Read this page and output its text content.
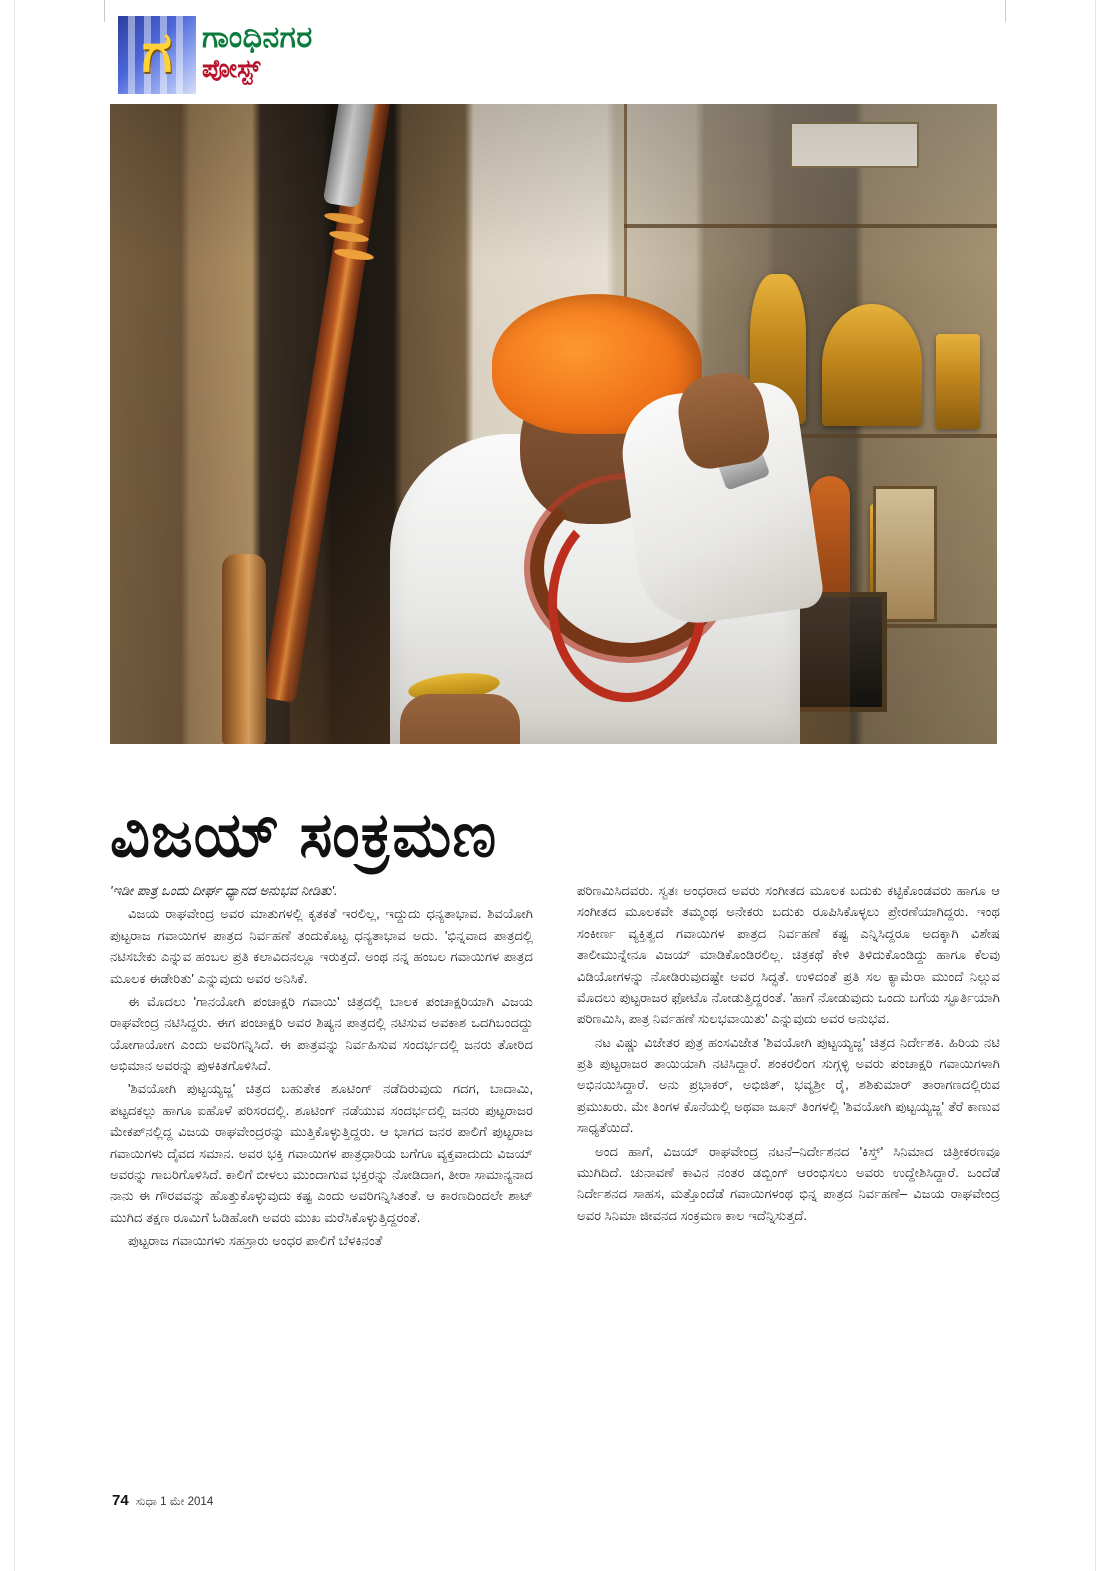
ಗ ಗಾಂಧಿನಗರ
ಪೋಸ್ಟ್
ವಿಜಯ್ ಸಂಕ್ರಮಣ

'ಇಡೀ ಪಾತ್ರ ಒಂದು ದೀರ್ಘ ಧ್ಯಾನದ ಅನುಭವ ನೀಡಿತು'.

ವಿಜಯ ರಾಘವೇಂದ್ರ ಅವರ ಮಾತುಗಳಲ್ಲಿ ಕೃತಕತೆ ಇರಲಿಲ್ಲ, ಇದ್ದುದು ಧನ್ಯತಾಭಾವ. ಶಿವಯೋಗಿ ಪುಟ್ಟರಾಜ ಗವಾಯಿಗಳ ಪಾತ್ರದ ನಿರ್ವಹಣೆ ತಂದುಕೊಟ್ಟ ಧನ್ಯತಾಭಾವ ಅದು. 'ಭಿನ್ನವಾದ ಪಾತ್ರದಲ್ಲಿ ನಟಿಸಬೇಕು ಎನ್ನುವ ಹಂಬಲ ಪ್ರತಿ ಕಲಾವಿದನಲ್ಲೂ ಇರುತ್ತದೆ. ಅಂಥ ನನ್ನ ಹಂಬಲ ಗವಾಯಿಗಳ ಪಾತ್ರದ ಮೂಲಕ ಈಡೇರಿತು' ಎನ್ನುವುದು ಅವರ ಅನಿಸಿಕೆ.

ಈ ಮೊದಲು 'ಗಾನಯೋಗಿ ಪಂಚಾಕ್ಷರಿ ಗವಾಯಿ' ಚಿತ್ರದಲ್ಲಿ ಬಾಲಕ ಪಂಚಾಕ್ಷರಿಯಾಗಿ ವಿಜಯ ರಾಘವೇಂದ್ರ ನಟಿಸಿದ್ದರು. ಈಗ ಪಂಚಾಕ್ಷರಿ ಅವರ ಶಿಷ್ಯನ ಪಾತ್ರದಲ್ಲಿ ನಟಿಸುವ ಅವಕಾಶ ಒದಗಿಬಂದದ್ದು ಯೋಗಾಯೋಗ ಎಂದು ಅವರಿಗನ್ನಿಸಿದೆ. ಈ ಪಾತ್ರವನ್ನು ನಿರ್ವಹಿಸುವ ಸಂದರ್ಭದಲ್ಲಿ ಜನರು ತೋರಿದ ಅಭಿಮಾನ ಅವರನ್ನು ಪುಳಕಿತಗೊಳಿಸಿದೆ.

'ಶಿವಯೋಗಿ ಪುಟ್ಟಯ್ಯಜ್ಜ' ಚಿತ್ರದ ಬಹುತೇಕ ಶೂಟಿಂಗ್ ನಡೆದಿರುವುದು ಗದಗ, ಬಾದಾಮಿ, ಪಟ್ಟದಕಲ್ಲು ಹಾಗೂ ಐಹೊಳೆ ಪರಿಸರದಲ್ಲಿ. ಶೂಟಿಂಗ್ ನಡೆಯುವ ಸಂದರ್ಭದಲ್ಲಿ ಜನರು ಪುಟ್ಟರಾಜರ ಮೇಕಪ್‌ನಲ್ಲಿದ್ದ ವಿಜಯ ರಾಘವೇಂದ್ರರನ್ನು ಮುತ್ತಿಕೊಳ್ಳುತ್ತಿದ್ದರು. ಆ ಭಾಗದ ಜನರ ಪಾಲಿಗೆ ಪುಟ್ಟರಾಜ ಗವಾಯಿಗಳು ದೈವದ ಸಮಾನ. ಅವರ ಭಕ್ತಿ ಗವಾಯಿಗಳ ಪಾತ್ರಧಾರಿಯ ಬಗೆಗೂ ವ್ಯಕ್ತವಾದುದು ವಿಜಯ್ ಅವರನ್ನು ಗಾಬರಿಗೊಳಿಸಿದೆ. ಕಾಲಿಗೆ ಬೀಳಲು ಮುಂದಾಗುವ ಭಕ್ತರನ್ನು ನೋಡಿದಾಗ, ತೀರಾ ಸಾಮಾನ್ಯನಾದ ನಾನು ಈ ಗೌರವವನ್ನು ಹೊತ್ತುಕೊಳ್ಳುವುದು ಕಷ್ಟ ಎಂದು ಅವರಿಗನ್ನಿಸಿತಂತೆ. ಆ ಕಾರಣದಿಂದಲೇ ಶಾಟ್ ಮುಗಿದ ತಕ್ಷಣ ರೂಮಿಗೆ ಓಡಿಹೋಗಿ ಅವರು ಮುಖ ಮರೆಸಿಕೊಳ್ಳುತ್ತಿದ್ದರಂತೆ.

ಪುಟ್ಟರಾಜ ಗವಾಯಿಗಳು ಸಹಸ್ರಾರು ಅಂಧರ ಪಾಲಿಗೆ ಬೆಳಕಿನಂತೆ

ಪರಿಣಮಿಸಿದವರು. ಸ್ವತಃ ಅಂಧರಾದ ಅವರು ಸಂಗೀತದ ಮೂಲಕ ಬದುಕು ಕಟ್ಟಿಕೊಂಡವರು ಹಾಗೂ ಆ ಸಂಗೀತದ ಮೂಲಕವೇ ತಮ್ಮಂಥ ಅನೇಕರು ಬದುಕು ರೂಪಿಸಿಕೊಳ್ಳಲು ಪ್ರೇರಣೆಯಾಗಿದ್ದರು. ಇಂಥ ಸಂಕೀರ್ಣ ವ್ಯಕ್ತಿತ್ವದ ಗವಾಯಿಗಳ ಪಾತ್ರದ ನಿರ್ವಹಣೆ ಕಷ್ಟ ಎನ್ನಿಸಿದ್ದರೂ ಅದಕ್ಕಾಗಿ ವಿಶೇಷ ತಾಲೀಮುನ್ನೇನೂ ವಿಜಯ್ ಮಾಡಿಕೊಂಡಿರಲಿಲ್ಲ. ಚಿತ್ರಕಥೆ ಕೇಳಿ ತಿಳಿದುಕೊಂಡಿದ್ದು ಹಾಗೂ ಕೆಲವು ವಿಡಿಯೋಗಳನ್ನು ನೋಡಿರುವುದಷ್ಟೇ ಅವರ ಸಿದ್ಧತೆ. ಉಳಿದಂತೆ ಪ್ರತಿ ಸಲ ಕ್ಯಾಮೆರಾ ಮುಂದೆ ನಿಲ್ಲುವ ಮೊದಲು ಪುಟ್ಟರಾಜರ ಫೋಟೊ ನೋಡುತ್ತಿದ್ದರಂತೆ. 'ಹಾಗೆ ನೋಡುವುದು ಒಂದು ಬಗೆಯ ಸ್ಫೂರ್ತಿಯಾಗಿ ಪರಿಣಮಿಸಿ, ಪಾತ್ರ ನಿರ್ವಹಣೆ ಸುಲಭವಾಯಿತು' ಎನ್ನುವುದು ಅವರ ಅನುಭವ.

ನಟ ವಿಷ್ಣು ವಿಜೇತರ ಪುತ್ರ ಹಂಸವಿಜೇತ 'ಶಿವಯೋಗಿ ಪುಟ್ಟಯ್ಯಜ್ಜ' ಚಿತ್ರದ ನಿರ್ದೇಶಕಿ. ಹಿರಿಯ ನಟಿ ಪ್ರತಿ ಪುಟ್ಟರಾಜರ ತಾಯಿಯಾಗಿ ನಟಿಸಿದ್ದಾರೆ. ಶಂಕರಲಿಂಗ ಸುಗ್ಗಳ್ಳಿ ಅವರು ಪಂಚಾಕ್ಷರಿ ಗವಾಯಿಗಳಾಗಿ ಅಭಿನಯಿಸಿದ್ದಾರೆ. ಅನು ಪ್ರಭಾಕರ್, ಅಭಿಜಿತ್, ಭವ್ಯಶ್ರೀ ರೈ, ಶಶಿಕುಮಾರ್ ತಾರಾಗಣದಲ್ಲಿರುವ ಪ್ರಮುಖರು. ಮೇ ತಿಂಗಳ ಕೊನೆಯಲ್ಲಿ ಅಥವಾ ಜೂನ್ ತಿಂಗಳಲ್ಲಿ 'ಶಿವಯೋಗಿ ಪುಟ್ಟಯ್ಯಜ್ಜ' ತೆರೆ ಕಾಣುವ ಸಾಧ್ಯತೆಯಿದೆ.

ಅಂದ ಹಾಗೆ, ವಿಜಯ್ ರಾಘವೇಂದ್ರ ನಟನೆ–ನಿರ್ದೇಶನದ 'ಕಿಸ್ತ್' ಸಿನಿಮಾದ ಚಿತ್ರೀಕರಣವೂ ಮುಗಿದಿದೆ. ಚುನಾವಣೆ ಕಾವಿನ ನಂತರ ಡಬ್ಬಿಂಗ್ ಆರಂಭಿಸಲು ಅವರು ಉದ್ದೇಶಿಸಿದ್ದಾರೆ. ಒಂದೆಡೆ ನಿರ್ದೇಶನದ ಸಾಹಸ, ಮತ್ತೊಂದೆಡೆ ಗವಾಯಿಗಳಂಥ ಭಿನ್ನ ಪಾತ್ರದ ನಿರ್ವಹಣೆ– ವಿಜಯ ರಾಘವೇಂದ್ರ ಅವರ ಸಿನಿಮಾ ಜೀವನದ ಸಂಕ್ರಮಣ ಕಾಲ ಇದೆನ್ನಿಸುತ್ತದೆ.

74 ಸುಧಾ 1 ಮೇ 2014
